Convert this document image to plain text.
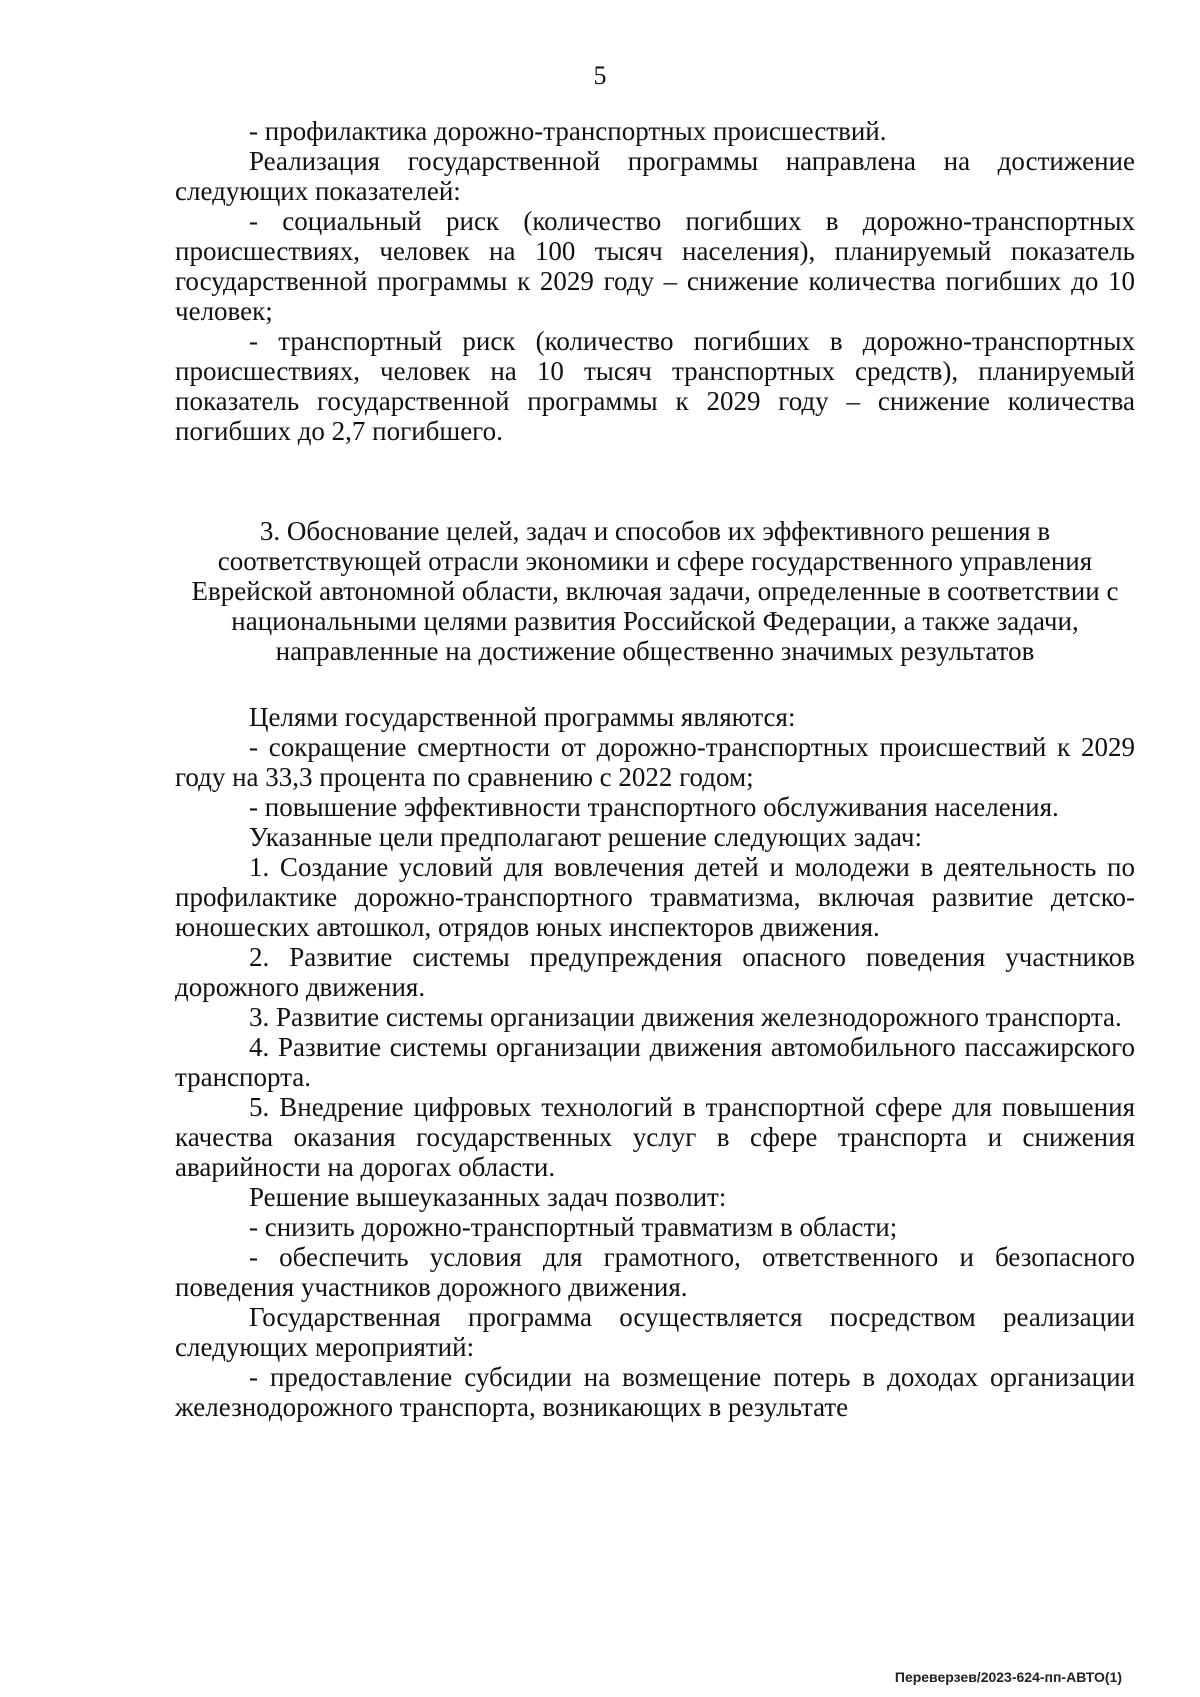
5

- профилактика дорожно-транспортных происшествий.

Реализация государственной программы направлена на достижение следующих показателей:

- социальный риск (количество погибших в дорожно-транспортных происшествиях, человек на 100 тысяч населения), планируемый показатель государственной программы к 2029 году – снижение количества погибших до 10 человек;

- транспортный риск (количество погибших в дорожно-транспортных происшествиях, человек на 10 тысяч транспортных средств), планируемый показатель государственной программы к 2029 году – снижение количества погибших до 2,7 погибшего.

3. Обоснование целей, задач и способов их эффективного решения в соответствующей отрасли экономики и сфере государственного управления Еврейской автономной области, включая задачи, определенные в соответствии с национальными целями развития Российской Федерации, а также задачи, направленные на достижение общественно значимых результатов

Целями государственной программы являются:

- сокращение смертности от дорожно-транспортных происшествий к 2029 году на 33,3 процента по сравнению с 2022 годом;

- повышение эффективности транспортного обслуживания населения.

Указанные цели предполагают решение следующих задач:

1. Создание условий для вовлечения детей и молодежи в деятельность по профилактике дорожно-транспортного травматизма, включая развитие детско-юношеских автошкол, отрядов юных инспекторов движения.

2. Развитие системы предупреждения опасного поведения участников дорожного движения.

3. Развитие системы организации движения железнодорожного транспорта.

4. Развитие системы организации движения автомобильного пассажирского транспорта.

5. Внедрение цифровых технологий в транспортной сфере для повышения качества оказания государственных услуг в сфере транспорта и снижения аварийности на дорогах области.

Решение вышеуказанных задач позволит:

- снизить дорожно-транспортный травматизм в области;

- обеспечить условия для грамотного, ответственного и безопасного поведения участников дорожного движения.

Государственная программа осуществляется посредством реализации следующих мероприятий:

- предоставление субсидии на возмещение потерь в доходах организации железнодорожного транспорта, возникающих в результате

Переверзев/2023-624-пп-АВТО(1)
